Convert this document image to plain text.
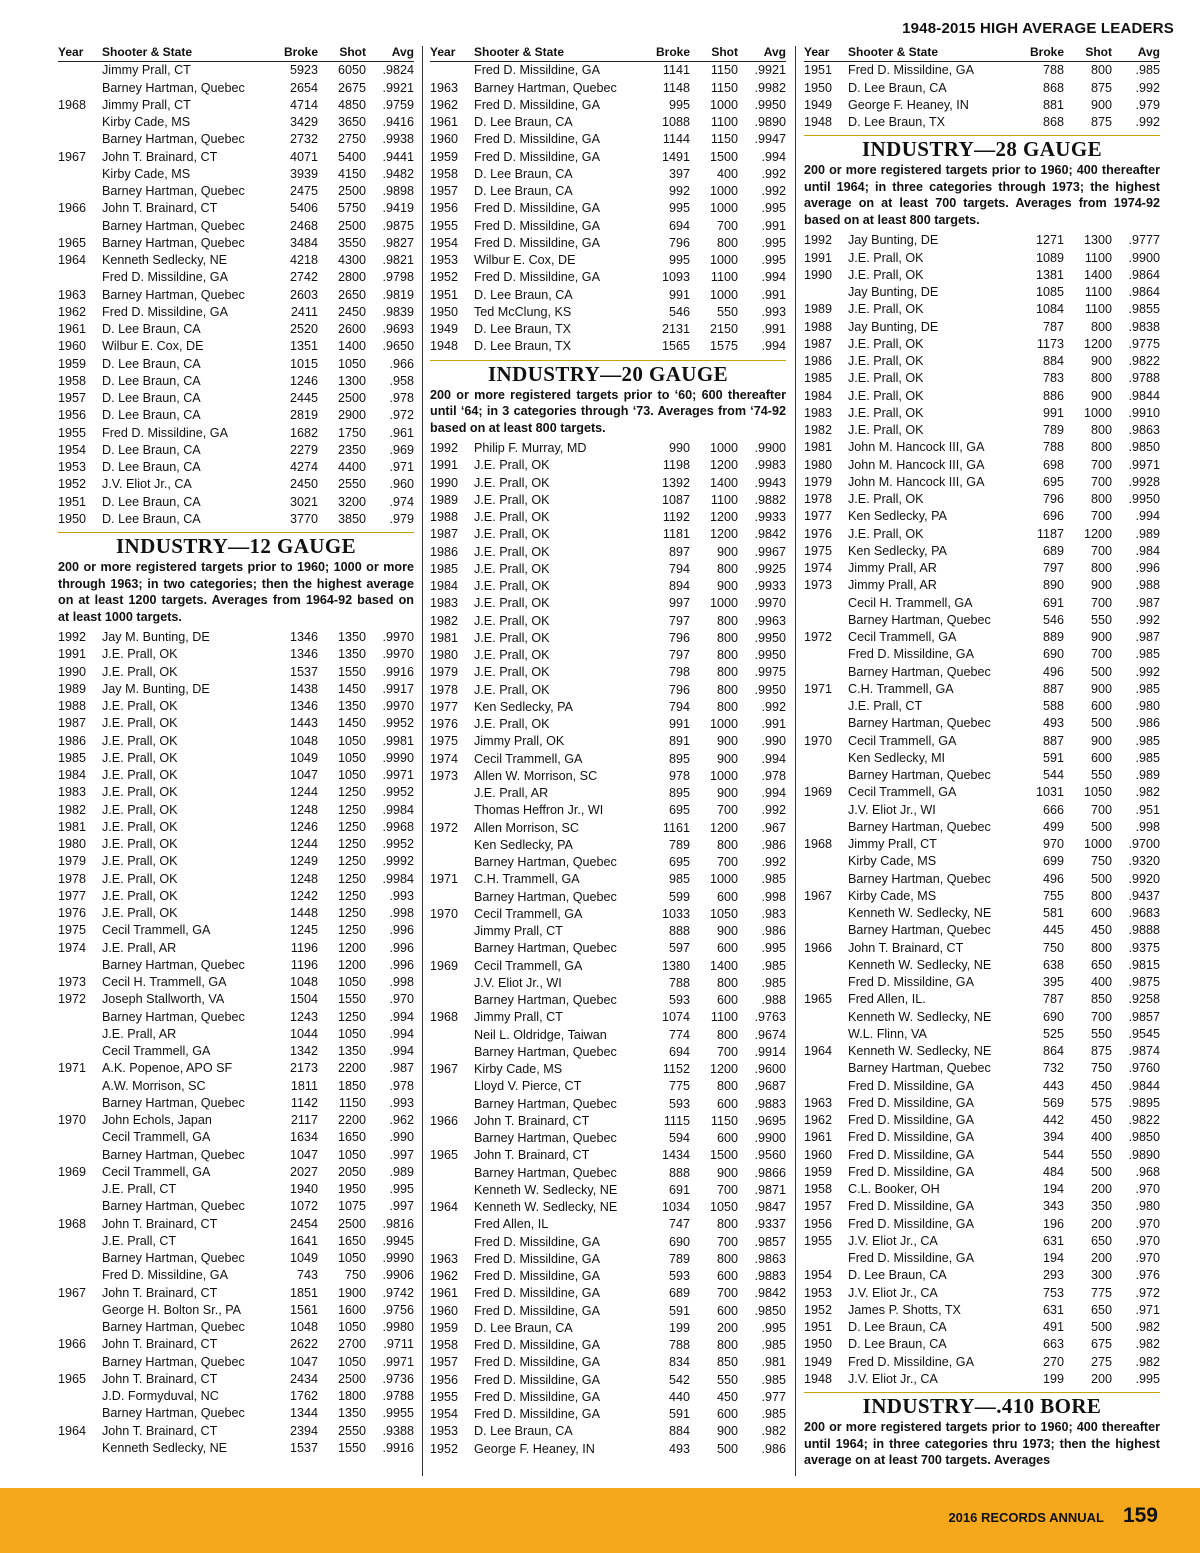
1948-2015 HIGH AVERAGE LEADERS
Year	Shooter & State	Broke	Shot	Avg
	Jimmy Prall, CT	5923	6050	.9824
	Barney Hartman, Quebec	2654	2675	.9921
1968	Jimmy Prall, CT	4714	4850	.9759
	Kirby Cade, MS	3429	3650	.9416
	Barney Hartman, Quebec	2732	2750	.9938
1967	John T. Brainard, CT	4071	5400	.9441
	Kirby Cade, MS	3939	4150	.9482
	Barney Hartman, Quebec	2475	2500	.9898
1966	John T. Brainard, CT	5406	5750	.9419
	Barney Hartman, Quebec	2468	2500	.9875
1965	Barney Hartman, Quebec	3484	3550	.9827
1964	Kenneth Sedlecky, NE	4218	4300	.9821
	Fred D. Missildine, GA	2742	2800	.9798
1963	Barney Hartman, Quebec	2603	2650	.9819
1962	Fred D. Missildine, GA	2411	2450	.9839
1961	D. Lee Braun, CA	2520	2600	.9693
1960	Wilbur E. Cox, DE	1351	1400	.9650
1959	D. Lee Braun, CA	1015	1050	.966
1958	D. Lee Braun, CA	1246	1300	.958
1957	D. Lee Braun, CA	2445	2500	.978
1956	D. Lee Braun, CA	2819	2900	.972
1955	Fred D. Missildine, GA	1682	1750	.961
1954	D. Lee Braun, CA	2279	2350	.969
1953	D. Lee Braun, CA	4274	4400	.971
1952	J.V. Eliot Jr., CA	2450	2550	.960
1951	D. Lee Braun, CA	3021	3200	.974
1950	D. Lee Braun, CA	3770	3850	.979
INDUSTRY—12 GAUGE
200 or more registered targets prior to 1960; 1000 or more through 1963; in two categories; then the highest average on at least 1200 targets. Averages from 1964-92 based on at least 1000 targets.

1992	Jay M. Bunting, DE	1346	1350	.9970
1991	J.E. Prall, OK	1346	1350	.9970
1990	J.E. Prall, OK	1537	1550	.9916
1989	Jay M. Bunting, DE	1438	1450	.9917
1988	J.E. Prall, OK	1346	1350	.9970
1987	J.E. Prall, OK	1443	1450	.9952
1986	J.E. Prall, OK	1048	1050	.9981
1985	J.E. Prall, OK	1049	1050	.9990
1984	J.E. Prall, OK	1047	1050	.9971
1983	J.E. Prall, OK	1244	1250	.9952
1982	J.E. Prall, OK	1248	1250	.9984
1981	J.E. Prall, OK	1246	1250	.9968
1980	J.E. Prall, OK	1244	1250	.9952
1979	J.E. Prall, OK	1249	1250	.9992
1978	J.E. Prall, OK	1248	1250	.9984
1977	J.E. Prall, OK	1242	1250	.993
1976	J.E. Prall, OK	1448	1250	.998
1975	Cecil Trammell, GA	1245	1250	.996
1974	J.E. Prall, AR	1196	1200	.996
	Barney Hartman, Quebec	1196	1200	.996
1973	Cecil H. Trammell, GA	1048	1050	.998
1972	Joseph Stallworth, VA	1504	1550	.970
	Barney Hartman, Quebec	1243	1250	.994
	J.E. Prall, AR	1044	1050	.994
	Cecil Trammell, GA	1342	1350	.994
1971	A.K. Popenoe, APO SF	2173	2200	.987
	A.W. Morrison, SC	1811	1850	.978
	Barney Hartman, Quebec	1142	1150	.993
1970	John Echols, Japan	2117	2200	.962
	Cecil Trammell, GA	1634	1650	.990
	Barney Hartman, Quebec	1047	1050	.997
1969	Cecil Trammell, GA	2027	2050	.989
	J.E. Prall, CT	1940	1950	.995
	Barney Hartman, Quebec	1072	1075	.997
1968	John T. Brainard, CT	2454	2500	.9816
	J.E. Prall, CT	1641	1650	.9945
	Barney Hartman, Quebec	1049	1050	.9990
	Fred D. Missildine, GA	743	750	.9906
1967	John T. Brainard, CT	1851	1900	.9742
	George H. Bolton Sr., PA	1561	1600	.9756
	Barney Hartman, Quebec	1048	1050	.9980
1966	John T. Brainard, CT	2622	2700	.9711
	Barney Hartman, Quebec	1047	1050	.9971
1965	John T. Brainard, CT	2434	2500	.9736
	J.D. Formyduval, NC	1762	1800	.9788
	Barney Hartman, Quebec	1344	1350	.9955
1964	John T. Brainard, CT	2394	2550	.9388
	Kenneth Sedlecky, NE	1537	1550	.9916
Year	Shooter & State	Broke	Shot	Avg
	Fred D. Missildine, GA	1141	1150	.9921
1963	Barney Hartman, Quebec	1148	1150	.9982
1962	Fred D. Missildine, GA	995	1000	.9950
1961	D. Lee Braun, CA	1088	1100	.9890
1960	Fred D. Missildine, GA	1144	1150	.9947
1959	Fred D. Missildine, GA	1491	1500	.994
1958	D. Lee Braun, CA	397	400	.992
1957	D. Lee Braun, CA	992	1000	.992
1956	Fred D. Missildine, GA	995	1000	.995
1955	Fred D. Missildine, GA	694	700	.991
1954	Fred D. Missildine, GA	796	800	.995
1953	Wilbur E. Cox, DE	995	1000	.995
1952	Fred D. Missildine, GA	1093	1100	.994
1951	D. Lee Braun, CA	991	1000	.991
1950	Ted McClung, KS	546	550	.993
1949	D. Lee Braun, TX	2131	2150	.991
1948	D. Lee Braun, TX	1565	1575	.994
INDUSTRY—20 GAUGE
200 or more registered targets prior to ‘60; 600 thereafter until ‘64; in 3 categories through ‘73. Averages from ‘74-92 based on at least 800 targets.

1992	Philip F. Murray, MD	990	1000	.9900
1991	J.E. Prall, OK	1198	1200	.9983
1990	J.E. Prall, OK	1392	1400	.9943
1989	J.E. Prall, OK	1087	1100	.9882
1988	J.E. Prall, OK	1192	1200	.9933
1987	J.E. Prall, OK	1181	1200	.9842
1986	J.E. Prall, OK	897	900	.9967
1985	J.E. Prall, OK	794	800	.9925
1984	J.E. Prall, OK	894	900	.9933
1983	J.E. Prall, OK	997	1000	.9970
1982	J.E. Prall, OK	797	800	.9963
1981	J.E. Prall, OK	796	800	.9950
1980	J.E. Prall, OK	797	800	.9950
1979	J.E. Prall, OK	798	800	.9975
1978	J.E. Prall, OK	796	800	.9950
1977	Ken Sedlecky, PA	794	800	.992
1976	J.E. Prall, OK	991	1000	.991
1975	Jimmy Prall, OK	891	900	.990
1974	Cecil Trammell, GA	895	900	.994
1973	Allen W. Morrison, SC	978	1000	.978
	J.E. Prall, AR	895	900	.994
	Thomas Heffron Jr., WI	695	700	.992
1972	Allen Morrison, SC	1161	1200	.967
	Ken Sedlecky, PA	789	800	.986
	Barney Hartman, Quebec	695	700	.992
1971	C.H. Trammell, GA	985	1000	.985
	Barney Hartman, Quebec	599	600	.998
1970	Cecil Trammell, GA	1033	1050	.983
	Jimmy Prall, CT	888	900	.986
	Barney Hartman, Quebec	597	600	.995
1969	Cecil Trammell, GA	1380	1400	.985
	J.V. Eliot Jr., WI	788	800	.985
	Barney Hartman, Quebec	593	600	.988
1968	Jimmy Prall, CT	1074	1100	.9763
	Neil L. Oldridge, Taiwan	774	800	.9674
	Barney Hartman, Quebec	694	700	.9914
1967	Kirby Cade, MS	1152	1200	.9600
	Lloyd V. Pierce, CT	775	800	.9687
	Barney Hartman, Quebec	593	600	.9883
1966	John T. Brainard, CT	1115	1150	.9695
	Barney Hartman, Quebec	594	600	.9900
1965	John T. Brainard, CT	1434	1500	.9560
	Barney Hartman, Quebec	888	900	.9866
	Kenneth W. Sedlecky, NE	691	700	.9871
1964	Kenneth W. Sedlecky, NE	1034	1050	.9847
	Fred Allen, IL	747	800	.9337
	Fred D. Missildine, GA	690	700	.9857
1963	Fred D. Missildine, GA	789	800	.9863
1962	Fred D. Missildine, GA	593	600	.9883
1961	Fred D. Missildine, GA	689	700	.9842
1960	Fred D. Missildine, GA	591	600	.9850
1959	D. Lee Braun, CA	199	200	.995
1958	Fred D. Missildine, GA	788	800	.985
1957	Fred D. Missildine, GA	834	850	.981
1956	Fred D. Missildine, GA	542	550	.985
1955	Fred D. Missildine, GA	440	450	.977
1954	Fred D. Missildine, GA	591	600	.985
1953	D. Lee Braun, CA	884	900	.982
1952	George F. Heaney, IN	493	500	.986
Year	Shooter & State	Broke	Shot	Avg
1951	Fred D. Missildine, GA	788	800	.985
1950	D. Lee Braun, CA	868	875	.992
1949	George F. Heaney, IN	881	900	.979
1948	D. Lee Braun, TX	868	875	.992
INDUSTRY—28 GAUGE
200 or more registered targets prior to 1960; 400 thereafter until 1964; in three categories through 1973; the highest average on at least 700 targets. Averages from 1974-92 based on at least 800 targets.

1992	Jay Bunting, DE	1271	1300	.9777
1991	J.E. Prall, OK	1089	1100	.9900
1990	J.E. Prall, OK	1381	1400	.9864
	Jay Bunting, DE	1085	1100	.9864
1989	J.E. Prall, OK	1084	1100	.9855
1988	Jay Bunting, DE	787	800	.9838
1987	J.E. Prall, OK	1173	1200	.9775
1986	J.E. Prall, OK	884	900	.9822
1985	J.E. Prall, OK	783	800	.9788
1984	J.E. Prall, OK	886	900	.9844
1983	J.E. Prall, OK	991	1000	.9910
1982	J.E. Prall, OK	789	800	.9863
1981	John M. Hancock III, GA	788	800	.9850
1980	John M. Hancock III, GA	698	700	.9971
1979	John M. Hancock III, GA	695	700	.9928
1978	J.E. Prall, OK	796	800	.9950
1977	Ken Sedlecky, PA	696	700	.994
1976	J.E. Prall, OK	1187	1200	.989
1975	Ken Sedlecky, PA	689	700	.984
1974	Jimmy Prall, AR	797	800	.996
1973	Jimmy Prall, AR	890	900	.988
	Cecil H. Trammell, GA	691	700	.987
	Barney Hartman, Quebec	546	550	.992
1972	Cecil Trammell, GA	889	900	.987
	Fred D. Missildine, GA	690	700	.985
	Barney Hartman, Quebec	496	500	.992
1971	C.H. Trammell, GA	887	900	.985
	J.E. Prall, CT	588	600	.980
	Barney Hartman, Quebec	493	500	.986
1970	Cecil Trammell, GA	887	900	.985
	Ken Sedlecky, MI	591	600	.985
	Barney Hartman, Quebec	544	550	.989
1969	Cecil Trammell, GA	1031	1050	.982
	J.V. Eliot Jr., WI	666	700	.951
	Barney Hartman, Quebec	499	500	.998
1968	Jimmy Prall, CT	970	1000	.9700
	Kirby Cade, MS	699	750	.9320
	Barney Hartman, Quebec	496	500	.9920
1967	Kirby Cade, MS	755	800	.9437
	Kenneth W. Sedlecky, NE	581	600	.9683
	Barney Hartman, Quebec	445	450	.9888
1966	John T. Brainard, CT	750	800	.9375
	Kenneth W. Sedlecky, NE	638	650	.9815
	Fred D. Missildine, GA	395	400	.9875
1965	Fred Allen, IL.	787	850	.9258
	Kenneth W. Sedlecky, NE	690	700	.9857
	W.L. Flinn, VA	525	550	.9545
1964	Kenneth W. Sedlecky, NE	864	875	.9874
	Barney Hartman, Quebec	732	750	.9760
	Fred D. Missildine, GA	443	450	.9844
1963	Fred D. Missildine, GA	569	575	.9895
1962	Fred D. Missildine, GA	442	450	.9822
1961	Fred D. Missildine, GA	394	400	.9850
1960	Fred D. Missildine, GA	544	550	.9890
1959	Fred D. Missildine, GA	484	500	.968
1958	C.L. Booker, OH	194	200	.970
1957	Fred D. Missildine, GA	343	350	.980
1956	Fred D. Missildine, GA	196	200	.970
1955	J.V. Eliot Jr., CA	631	650	.970
	Fred D. Missildine, GA	194	200	.970
1954	D. Lee Braun, CA	293	300	.976
1953	J.V. Eliot Jr., CA	753	775	.972
1952	James P. Shotts, TX	631	650	.971
1951	D. Lee Braun, CA	491	500	.982
1950	D. Lee Braun, CA	663	675	.982
1949	Fred D. Missildine, GA	270	275	.982
1948	J.V. Eliot Jr., CA	199	200	.995
INDUSTRY—.410 BORE
200 or more registered targets prior to 1960; 400 thereafter until 1964; in three categories thru 1973; then the highest average on at least 700 targets. Averages
2016 RECORDS ANNUAL 159
